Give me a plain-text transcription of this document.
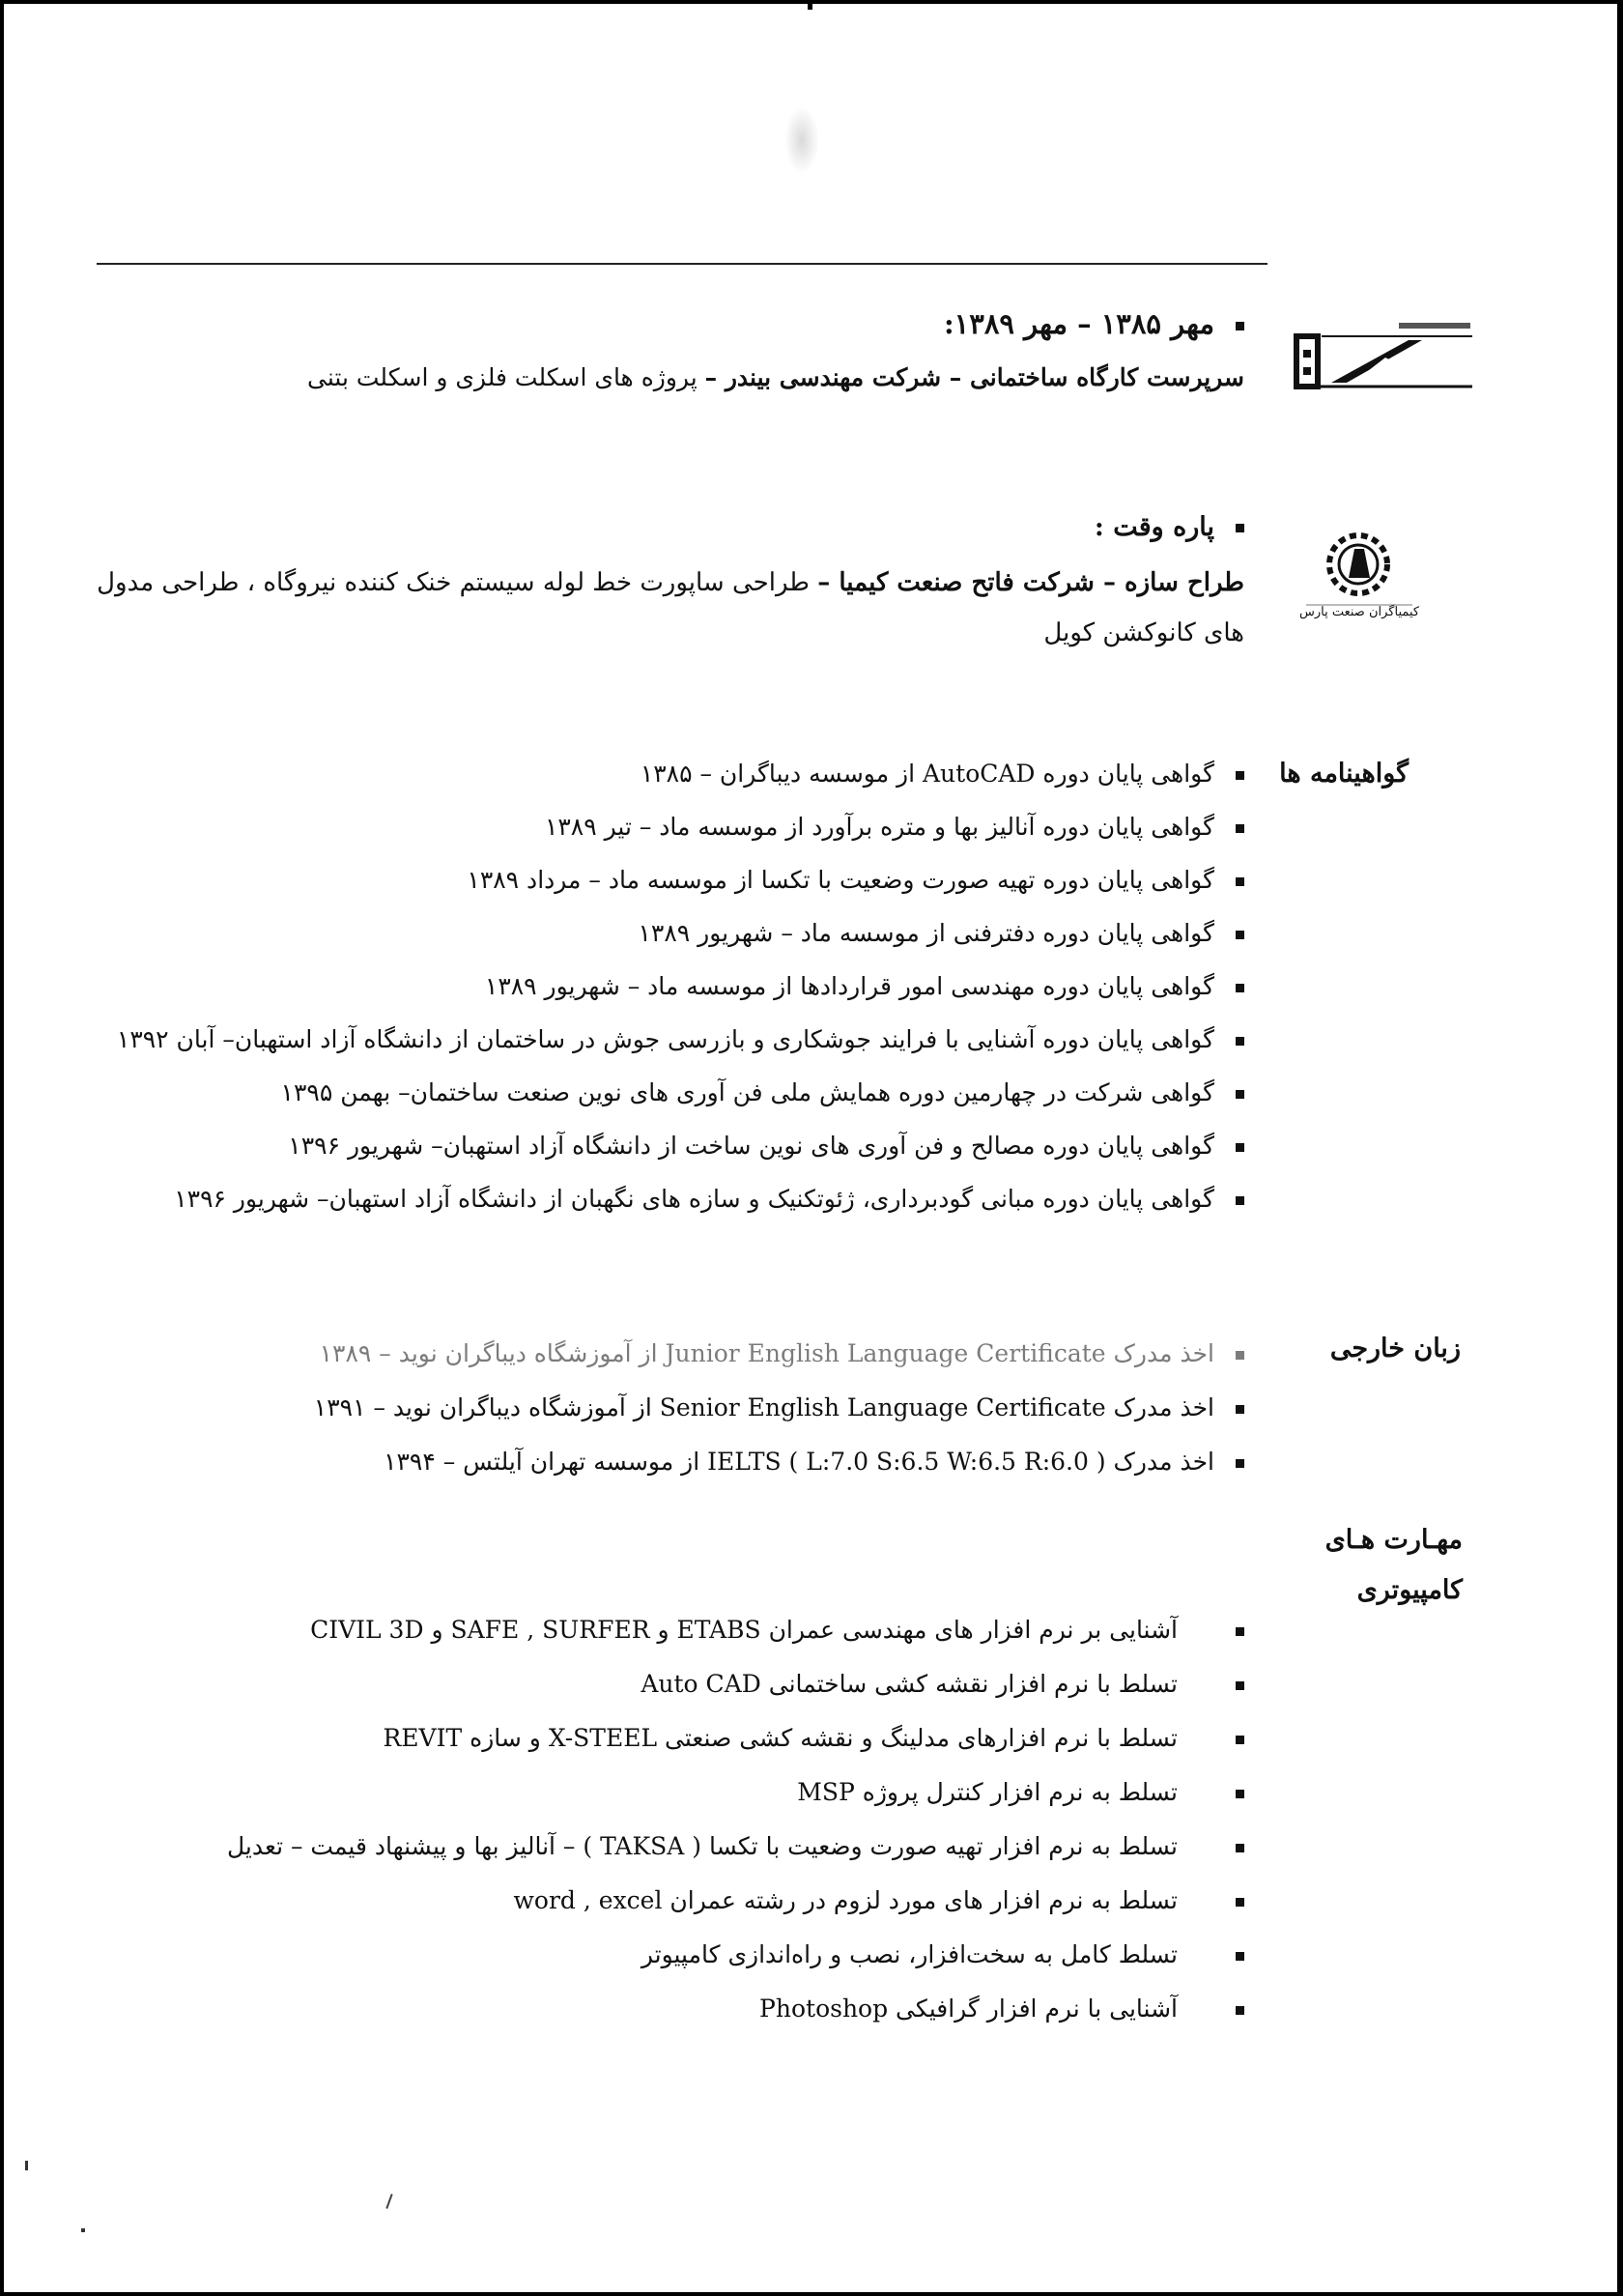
مهر ۱۳۸۵ – مهر ۱۳۸۹:
سرپرست کارگاه ساختمانی – شرکت مهندسی بیندر – پروژه های اسکلت فلزی و اسکلت بتنی
کیمیاگران صنعت پارس
پاره وقت :
طراح سازه – شرکت فاتح صنعت کیمیا – طراحی ساپورت خط لوله سیستم خنک کننده نیروگاه ، طراحی مدول
های کانوکشن کویل
گواهینامه ها
گواهی پایان دوره AutoCAD از موسسه دیباگران – ۱۳۸۵
گواهی پایان دوره آنالیز بها و متره برآورد از موسسه ماد – تیر ۱۳۸۹
گواهی پایان دوره تهیه صورت وضعیت با تکسا از موسسه ماد – مرداد ۱۳۸۹
گواهی پایان دوره دفترفنی از موسسه ماد – شهریور ۱۳۸۹
گواهی پایان دوره مهندسی امور قراردادها از موسسه ماد – شهریور ۱۳۸۹
گواهی پایان دوره آشنایی با فرایند جوشکاری و بازرسی جوش در ساختمان از دانشگاه آزاد استهبان– آبان ۱۳۹۲
گواهی شرکت در چهارمین دوره همایش ملی فن آوری های نوین صنعت ساختمان– بهمن ۱۳۹۵
گواهی پایان دوره مصالح و فن آوری های نوین ساخت از دانشگاه آزاد استهبان– شهریور ۱۳۹۶
گواهی پایان دوره مبانی گودبرداری، ژئوتکنیک و سازه های نگهبان از دانشگاه آزاد استهبان– شهریور ۱۳۹۶
زبان خارجی
اخذ مدرک Junior English Language Certificate از آموزشگاه دیباگران نوید – ۱۳۸۹
اخذ مدرک Senior English Language Certificate از آموزشگاه دیباگران نوید – ۱۳۹۱
اخذ مدرک IELTS ( L:7.0 S:6.5 W:6.5 R:6.0 ) از موسسه تهران آیلتس – ۱۳۹۴
مهـارت هـای
کامپیوتری
آشنایی بر نرم افزار های مهندسی عمران ETABS و SAFE , SURFER و CIVIL 3D
تسلط با نرم افزار نقشه کشی ساختمانی Auto CAD
تسلط با نرم افزارهای مدلینگ و نقشه کشی صنعتی X-STEEL و سازه REVIT
تسلط به نرم افزار کنترل پروژه MSP
تسلط به نرم افزار تهیه صورت وضعیت با تکسا ( TAKSA ) – آنالیز بها و پیشنهاد قیمت – تعدیل
تسلط به نرم افزار های مورد لزوم در رشته عمران word , excel
تسلط کامل به سخت‌افزار، نصب و راه‌اندازی کامپیوتر
آشنایی با نرم افزار گرافیکی Photoshop
